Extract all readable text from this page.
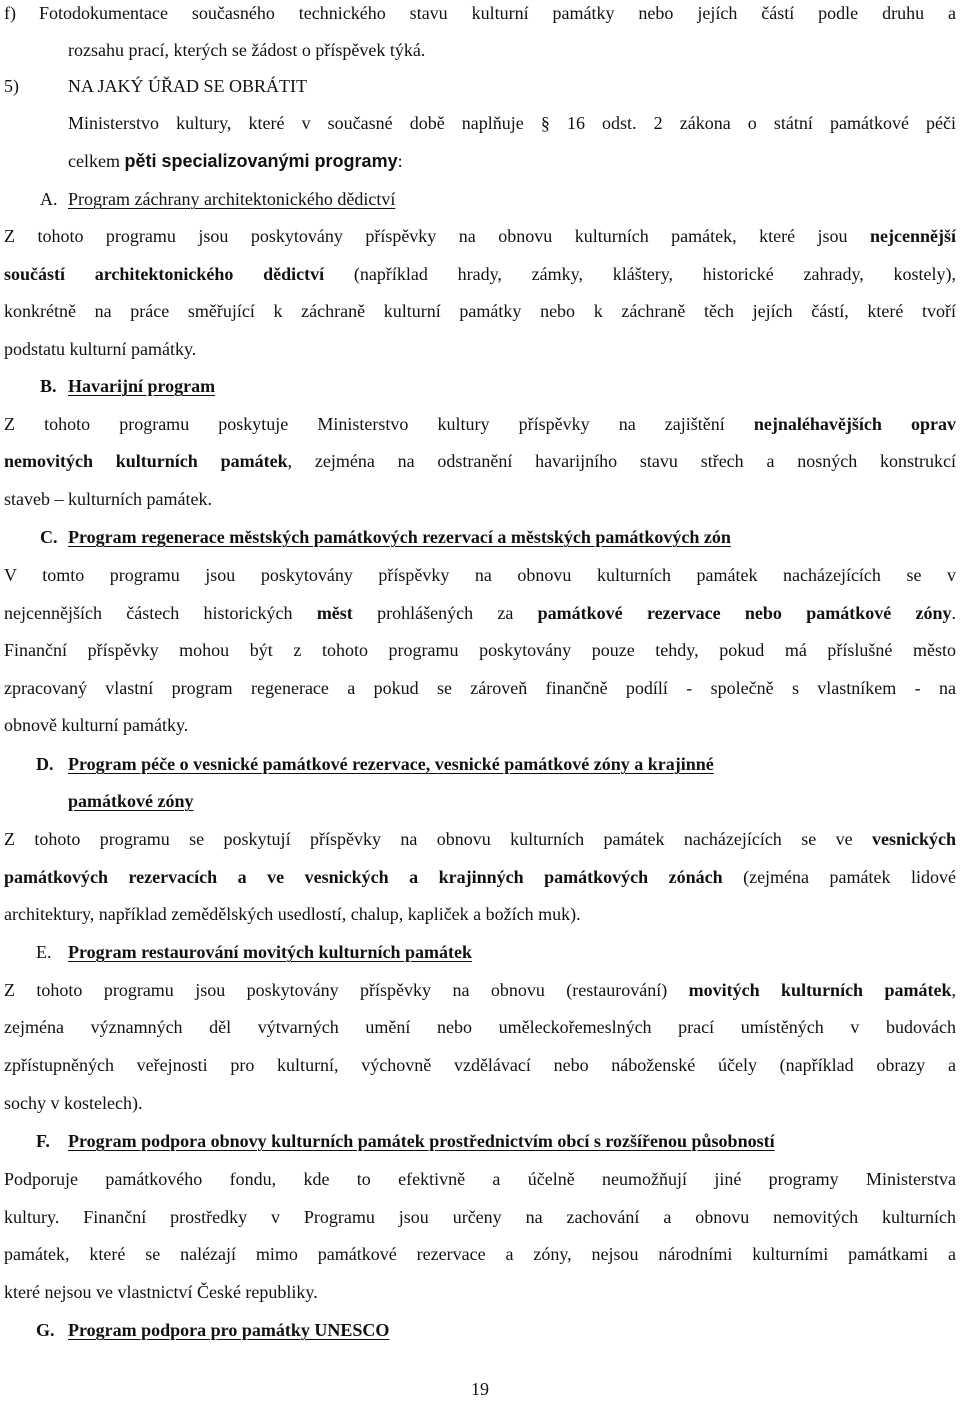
f) Fotodokumentace současného technického stavu kulturní památky nebo jejích částí podle druhu a
rozsahu prací, kterých se žádost o příspěvek týká.
5)	NA JAKÝ ÚŘAD SE OBRÁTIT
Ministerstvo kultury, které v současné době naplňuje § 16 odst. 2 zákona o státní památkové péči
celkem pěti specializovanými programy:
A. Program záchrany architektonického dědictví
Z tohoto programu jsou poskytovány příspěvky na obnovu kulturních památek, které jsou nejcennější
součástí architektonického dědictví (například hrady, zámky, kláštery, historické zahrady, kostely),
konkrétně na práce směřující k záchraně kulturní památky nebo k záchraně těch jejích částí, které tvoří
podstatu kulturní památky.
B. Havarijní program
Z tohoto programu poskytuje Ministerstvo kultury příspěvky na zajištění nejnaléhavějších oprav
nemovitých kulturních památek, zejména na odstranění havarijního stavu střech a nosných konstrukcí
staveb – kulturních památek.
C. Program regenerace městských památkových rezervací a městských památkových zón
V tomto programu jsou poskytovány příspěvky na obnovu kulturních památek nacházejících se v
nejcennějších částech historických měst prohlášených za památkové rezervace nebo památkové zóny.
Finanční příspěvky mohou být z tohoto programu poskytovány pouze tehdy, pokud má příslušné město
zpracovaný vlastní program regenerace a pokud se zároveň finančně podílí - společně s vlastníkem - na
obnově kulturní památky.
D. Program péče o vesnické památkové rezervace, vesnické památkové zóny a krajinné
památkové zóny
Z tohoto programu se poskytují příspěvky na obnovu kulturních památek nacházejících se ve vesnických
památkových rezervacích a ve vesnických a krajinných památkových zónách (zejména památek lidové
architektury, například zemědělských usedlostí, chalup, kapliček a božích muk).
E. Program restaurování movitých kulturních památek
Z tohoto programu jsou poskytovány příspěvky na obnovu (restaurování) movitých kulturních památek,
zejména významných děl výtvarných umění nebo uměleckořemeslných prací umístěných v budovách
zpřístupněných veřejnosti pro kulturní, výchovně vzdělávací nebo náboženské účely (například obrazy a
sochy v kostelech).
F. Program podpora obnovy kulturních památek prostřednictvím obcí s rozšířenou působností
Podporuje památkového fondu, kde to efektivně a účelně neumožňují jiné programy Ministerstva
kultury. Finanční prostředky v Programu jsou určeny na zachování a obnovu nemovitých kulturních
památek, které se nalézají mimo památkové rezervace a zóny, nejsou národními kulturními památkami a
které nejsou ve vlastnictví České republiky.
G. Program podpora pro památky UNESCO
19
